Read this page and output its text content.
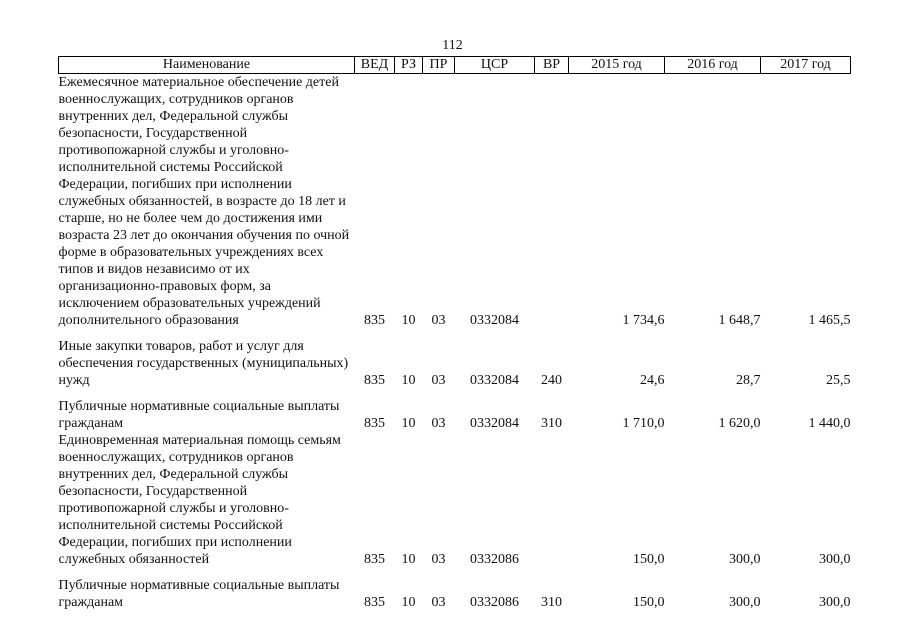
112
Наименование	ВЕД	РЗ	ПР	ЦСР	ВР	2015 год	2016 год	2017 год
Ежемесячное материальное обеспечение детей военнослужащих, сотрудников органов внутренних дел, Федеральной службы безопасности, Государственной противопожарной службы и уголовно-исполнительной системы Российской Федерации, погибших при исполнении служебных обязанностей, в возрасте до 18 лет и старше, но не более чем до достижения ими возраста 23 лет до окончания обучения по очной форме в образовательных учреждениях всех типов и видов независимо от их организационно-правовых форм, за исключением образовательных учреждений дополнительного образования	835	10	03	0332084		1 734,6	1 648,7	1 465,5
Иные закупки товаров, работ и услуг для обеспечения государственных (муниципальных) нужд	835	10	03	0332084	240	24,6	28,7	25,5
Публичные нормативные социальные выплаты гражданам	835	10	03	0332084	310	1 710,0	1 620,0	1 440,0
Единовременная материальная помощь семьям военнослужащих, сотрудников органов внутренних дел, Федеральной службы безопасности, Государственной противопожарной службы и уголовно-исполнительной системы Российской Федерации, погибших при исполнении служебных обязанностей	835	10	03	0332086		150,0	300,0	300,0
Публичные нормативные социальные выплаты гражданам	835	10	03	0332086	310	150,0	300,0	300,0
